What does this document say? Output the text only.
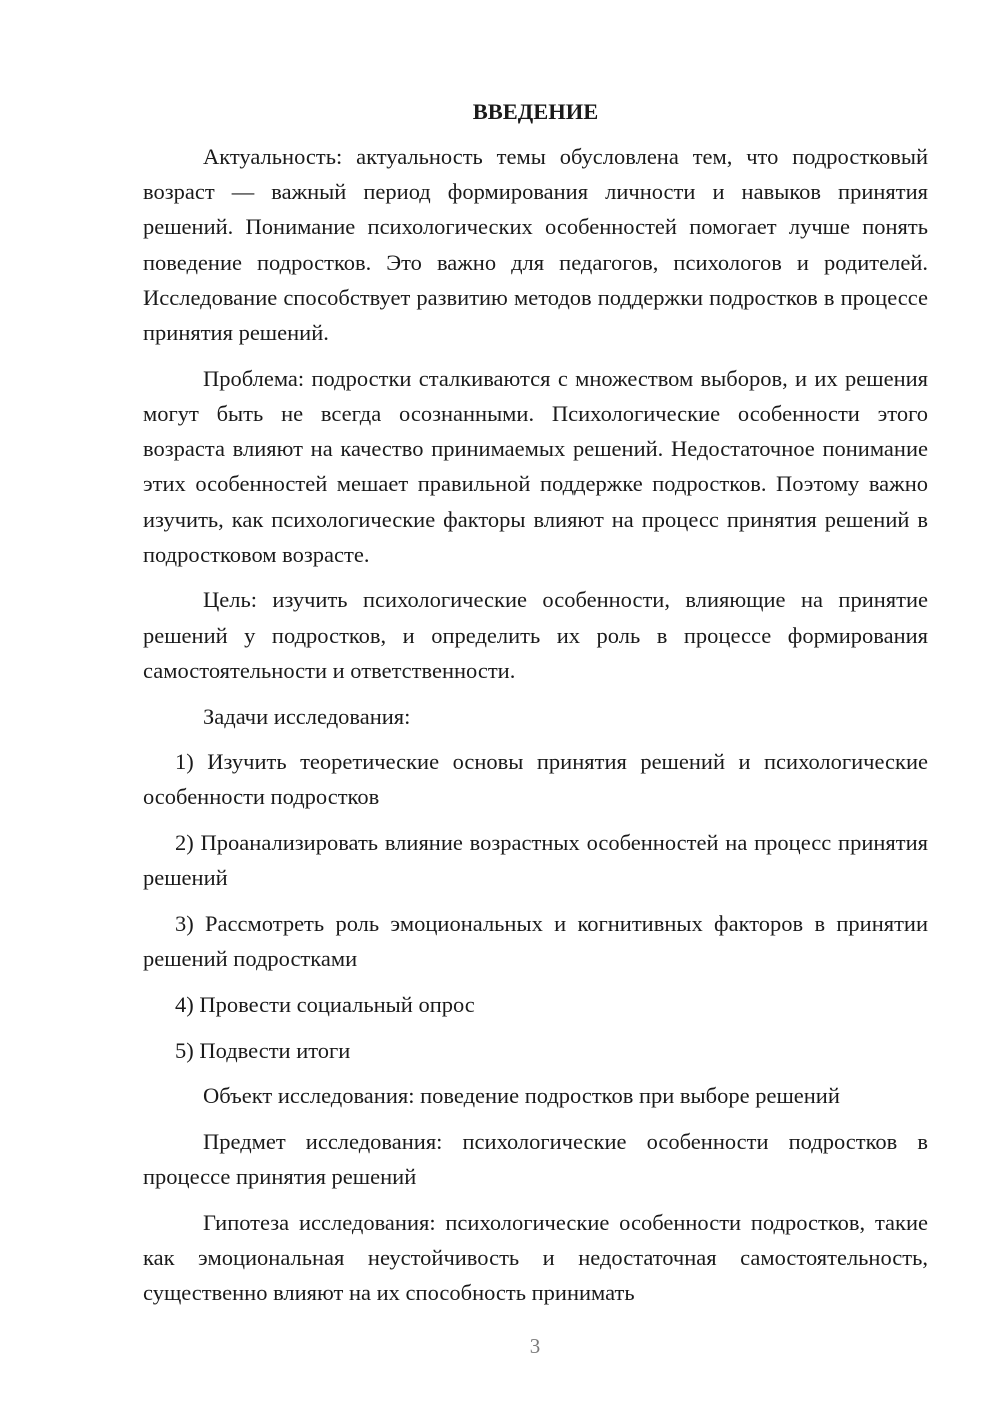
ВВЕДЕНИЕ

Актуальность: актуальность темы обусловлена тем, что подростковый возраст — важный период формирования личности и навыков принятия решений. Понимание психологических особенностей помогает лучше понять поведение подростков. Это важно для педагогов, психологов и родителей. Исследование способствует развитию методов поддержки подростков в процессе принятия решений.

Проблема: подростки сталкиваются с множеством выборов, и их решения могут быть не всегда осознанными. Психологические особенности этого возраста влияют на качество принимаемых решений. Недостаточное понимание этих особенностей мешает правильной поддержке подростков. Поэтому важно изучить, как психологические факторы влияют на процесс принятия решений в подростковом возрасте.

Цель: изучить психологические особенности, влияющие на принятие решений у подростков, и определить их роль в процессе формирования самостоятельности и ответственности.

Задачи исследования:

1) Изучить теоретические основы принятия решений и психологические особенности подростков

2) Проанализировать влияние возрастных особенностей на процесс принятия решений

3) Рассмотреть роль эмоциональных и когнитивных факторов в принятии решений подростками

4) Провести социальный опрос

5) Подвести итоги

Объект исследования: поведение подростков при выборе решений

Предмет исследования: психологические особенности подростков в процессе принятия решений

Гипотеза исследования: психологические особенности подростков, такие как эмоциональная неустойчивость и недостаточная самостоятельность, существенно влияют на их способность принимать

3
